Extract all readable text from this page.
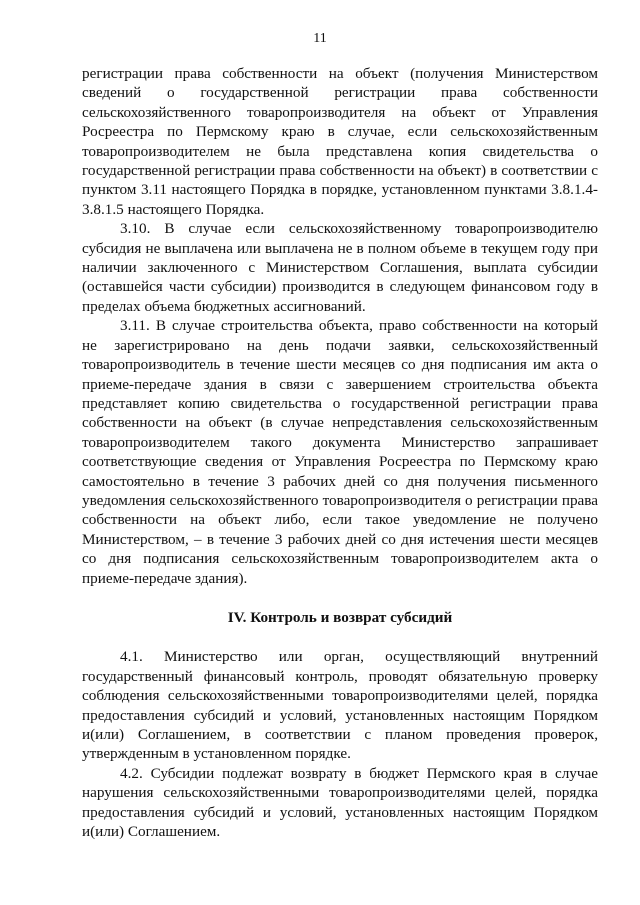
11

регистрации права собственности на объект (получения Министерством сведений о государственной регистрации права собственности сельскохозяйственного товаропроизводителя на объект от Управления Росреестра по Пермскому краю в случае, если сельскохозяйственным товаропроизводителем не была представлена копия свидетельства о государственной регистрации права собственности на объект) в соответствии с пунктом 3.11 настоящего Порядка в порядке, установленном пунктами 3.8.1.4-3.8.1.5 настоящего Порядка.

3.10. В случае если сельскохозяйственному товаропроизводителю субсидия не выплачена или выплачена не в полном объеме в текущем году при наличии заключенного с Министерством Соглашения, выплата субсидии (оставшейся части субсидии) производится в следующем финансовом году в пределах объема бюджетных ассигнований.

3.11. В случае строительства объекта, право собственности на который не зарегистрировано на день подачи заявки, сельскохозяйственный товаропроизводитель в течение шести месяцев со дня подписания им акта о приеме-передаче здания в связи с завершением строительства объекта представляет копию свидетельства о государственной регистрации права собственности на объект (в случае непредставления сельскохозяйственным товаропроизводителем такого документа Министерство запрашивает соответствующие сведения от Управления Росреестра по Пермскому краю самостоятельно в течение 3 рабочих дней со дня получения письменного уведомления сельскохозяйственного товаропроизводителя о регистрации права собственности на объект либо, если такое уведомление не получено Министерством, – в течение 3 рабочих дней со дня истечения шести месяцев со дня подписания сельскохозяйственным товаропроизводителем акта о приеме-передаче здания).

IV. Контроль и возврат субсидий

4.1. Министерство или орган, осуществляющий внутренний государственный финансовый контроль, проводят обязательную проверку соблюдения сельскохозяйственными товаропроизводителями целей, порядка предоставления субсидий и условий, установленных настоящим Порядком и(или) Соглашением, в соответствии с планом проведения проверок, утвержденным в установленном порядке.

4.2. Субсидии подлежат возврату в бюджет Пермского края в случае нарушения сельскохозяйственными товаропроизводителями целей, порядка предоставления субсидий и условий, установленных настоящим Порядком и(или) Соглашением.
